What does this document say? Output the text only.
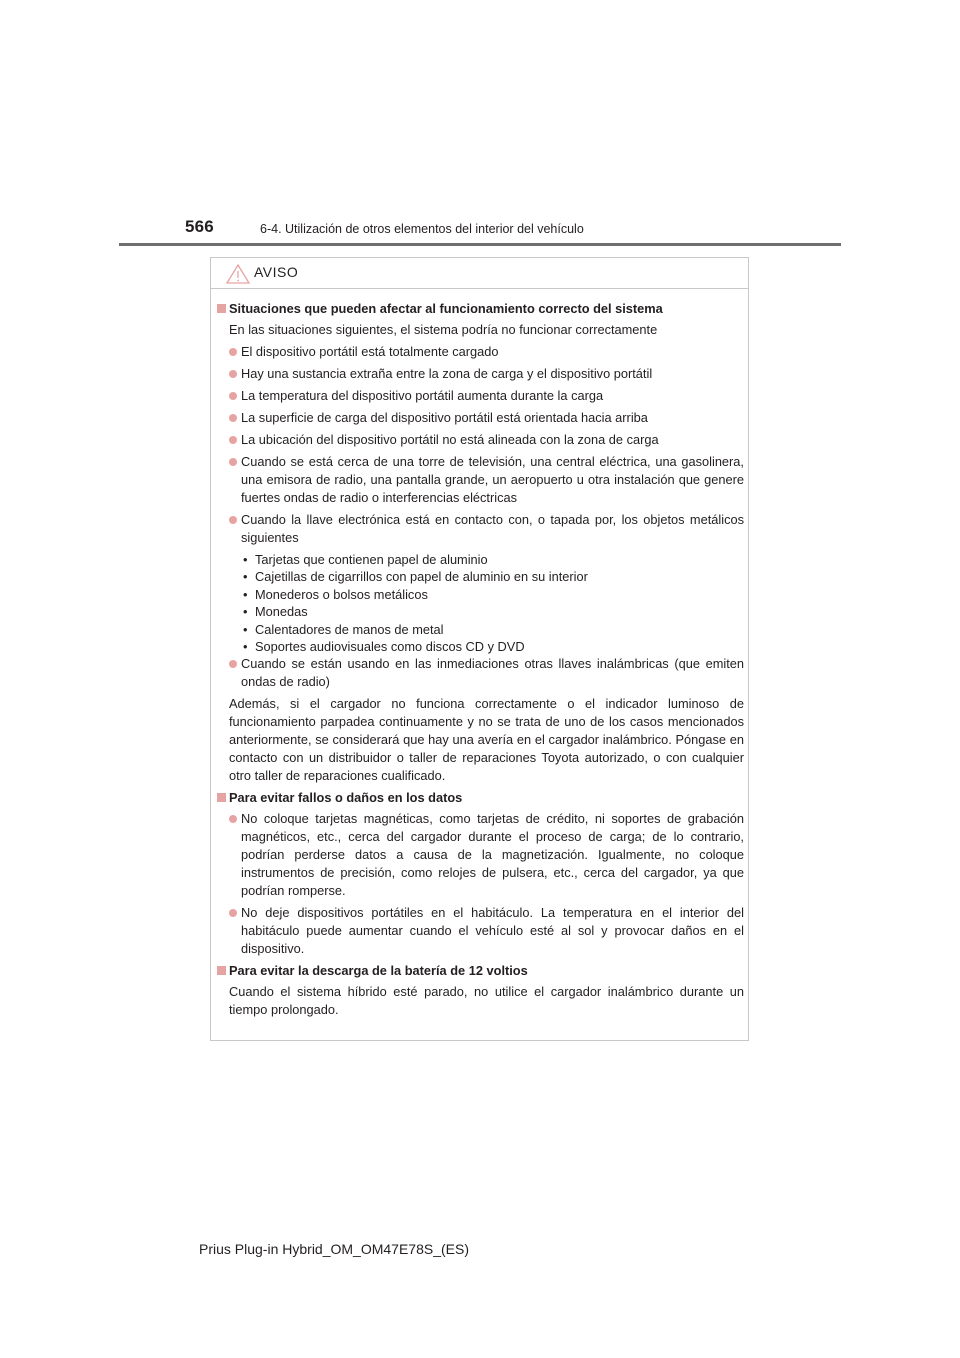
566	6-4. Utilización de otros elementos del interior del vehículo
AVISO
Situaciones que pueden afectar al funcionamiento correcto del sistema
En las situaciones siguientes, el sistema podría no funcionar correctamente
El dispositivo portátil está totalmente cargado
Hay una sustancia extraña entre la zona de carga y el dispositivo portátil
La temperatura del dispositivo portátil aumenta durante la carga
La superficie de carga del dispositivo portátil está orientada hacia arriba
La ubicación del dispositivo portátil no está alineada con la zona de carga
Cuando se está cerca de una torre de televisión, una central eléctrica, una gasolinera, una emisora de radio, una pantalla grande, un aeropuerto u otra instalación que genere fuertes ondas de radio o interferencias eléctricas
Cuando la llave electrónica está en contacto con, o tapada por, los objetos metálicos siguientes
• Tarjetas que contienen papel de aluminio
• Cajetillas de cigarrillos con papel de aluminio en su interior
• Monederos o bolsos metálicos
• Monedas
• Calentadores de manos de metal
• Soportes audiovisuales como discos CD y DVD
Cuando se están usando en las inmediaciones otras llaves inalámbricas (que emiten ondas de radio)
Además, si el cargador no funciona correctamente o el indicador luminoso de funcionamiento parpadea continuamente y no se trata de uno de los casos mencionados anteriormente, se considerará que hay una avería en el cargador inalámbrico. Póngase en contacto con un distribuidor o taller de reparaciones Toyota autorizado, o con cualquier otro taller de reparaciones cualificado.
Para evitar fallos o daños en los datos
No coloque tarjetas magnéticas, como tarjetas de crédito, ni soportes de grabación magnéticos, etc., cerca del cargador durante el proceso de carga; de lo contrario, podrían perderse datos a causa de la magnetización. Igualmente, no coloque instrumentos de precisión, como relojes de pulsera, etc., cerca del cargador, ya que podrían romperse.
No deje dispositivos portátiles en el habitáculo. La temperatura en el interior del habitáculo puede aumentar cuando el vehículo esté al sol y provocar daños en el dispositivo.
Para evitar la descarga de la batería de 12 voltios
Cuando el sistema híbrido esté parado, no utilice el cargador inalámbrico durante un tiempo prolongado.
Prius Plug-in Hybrid_OM_OM47E78S_(ES)
